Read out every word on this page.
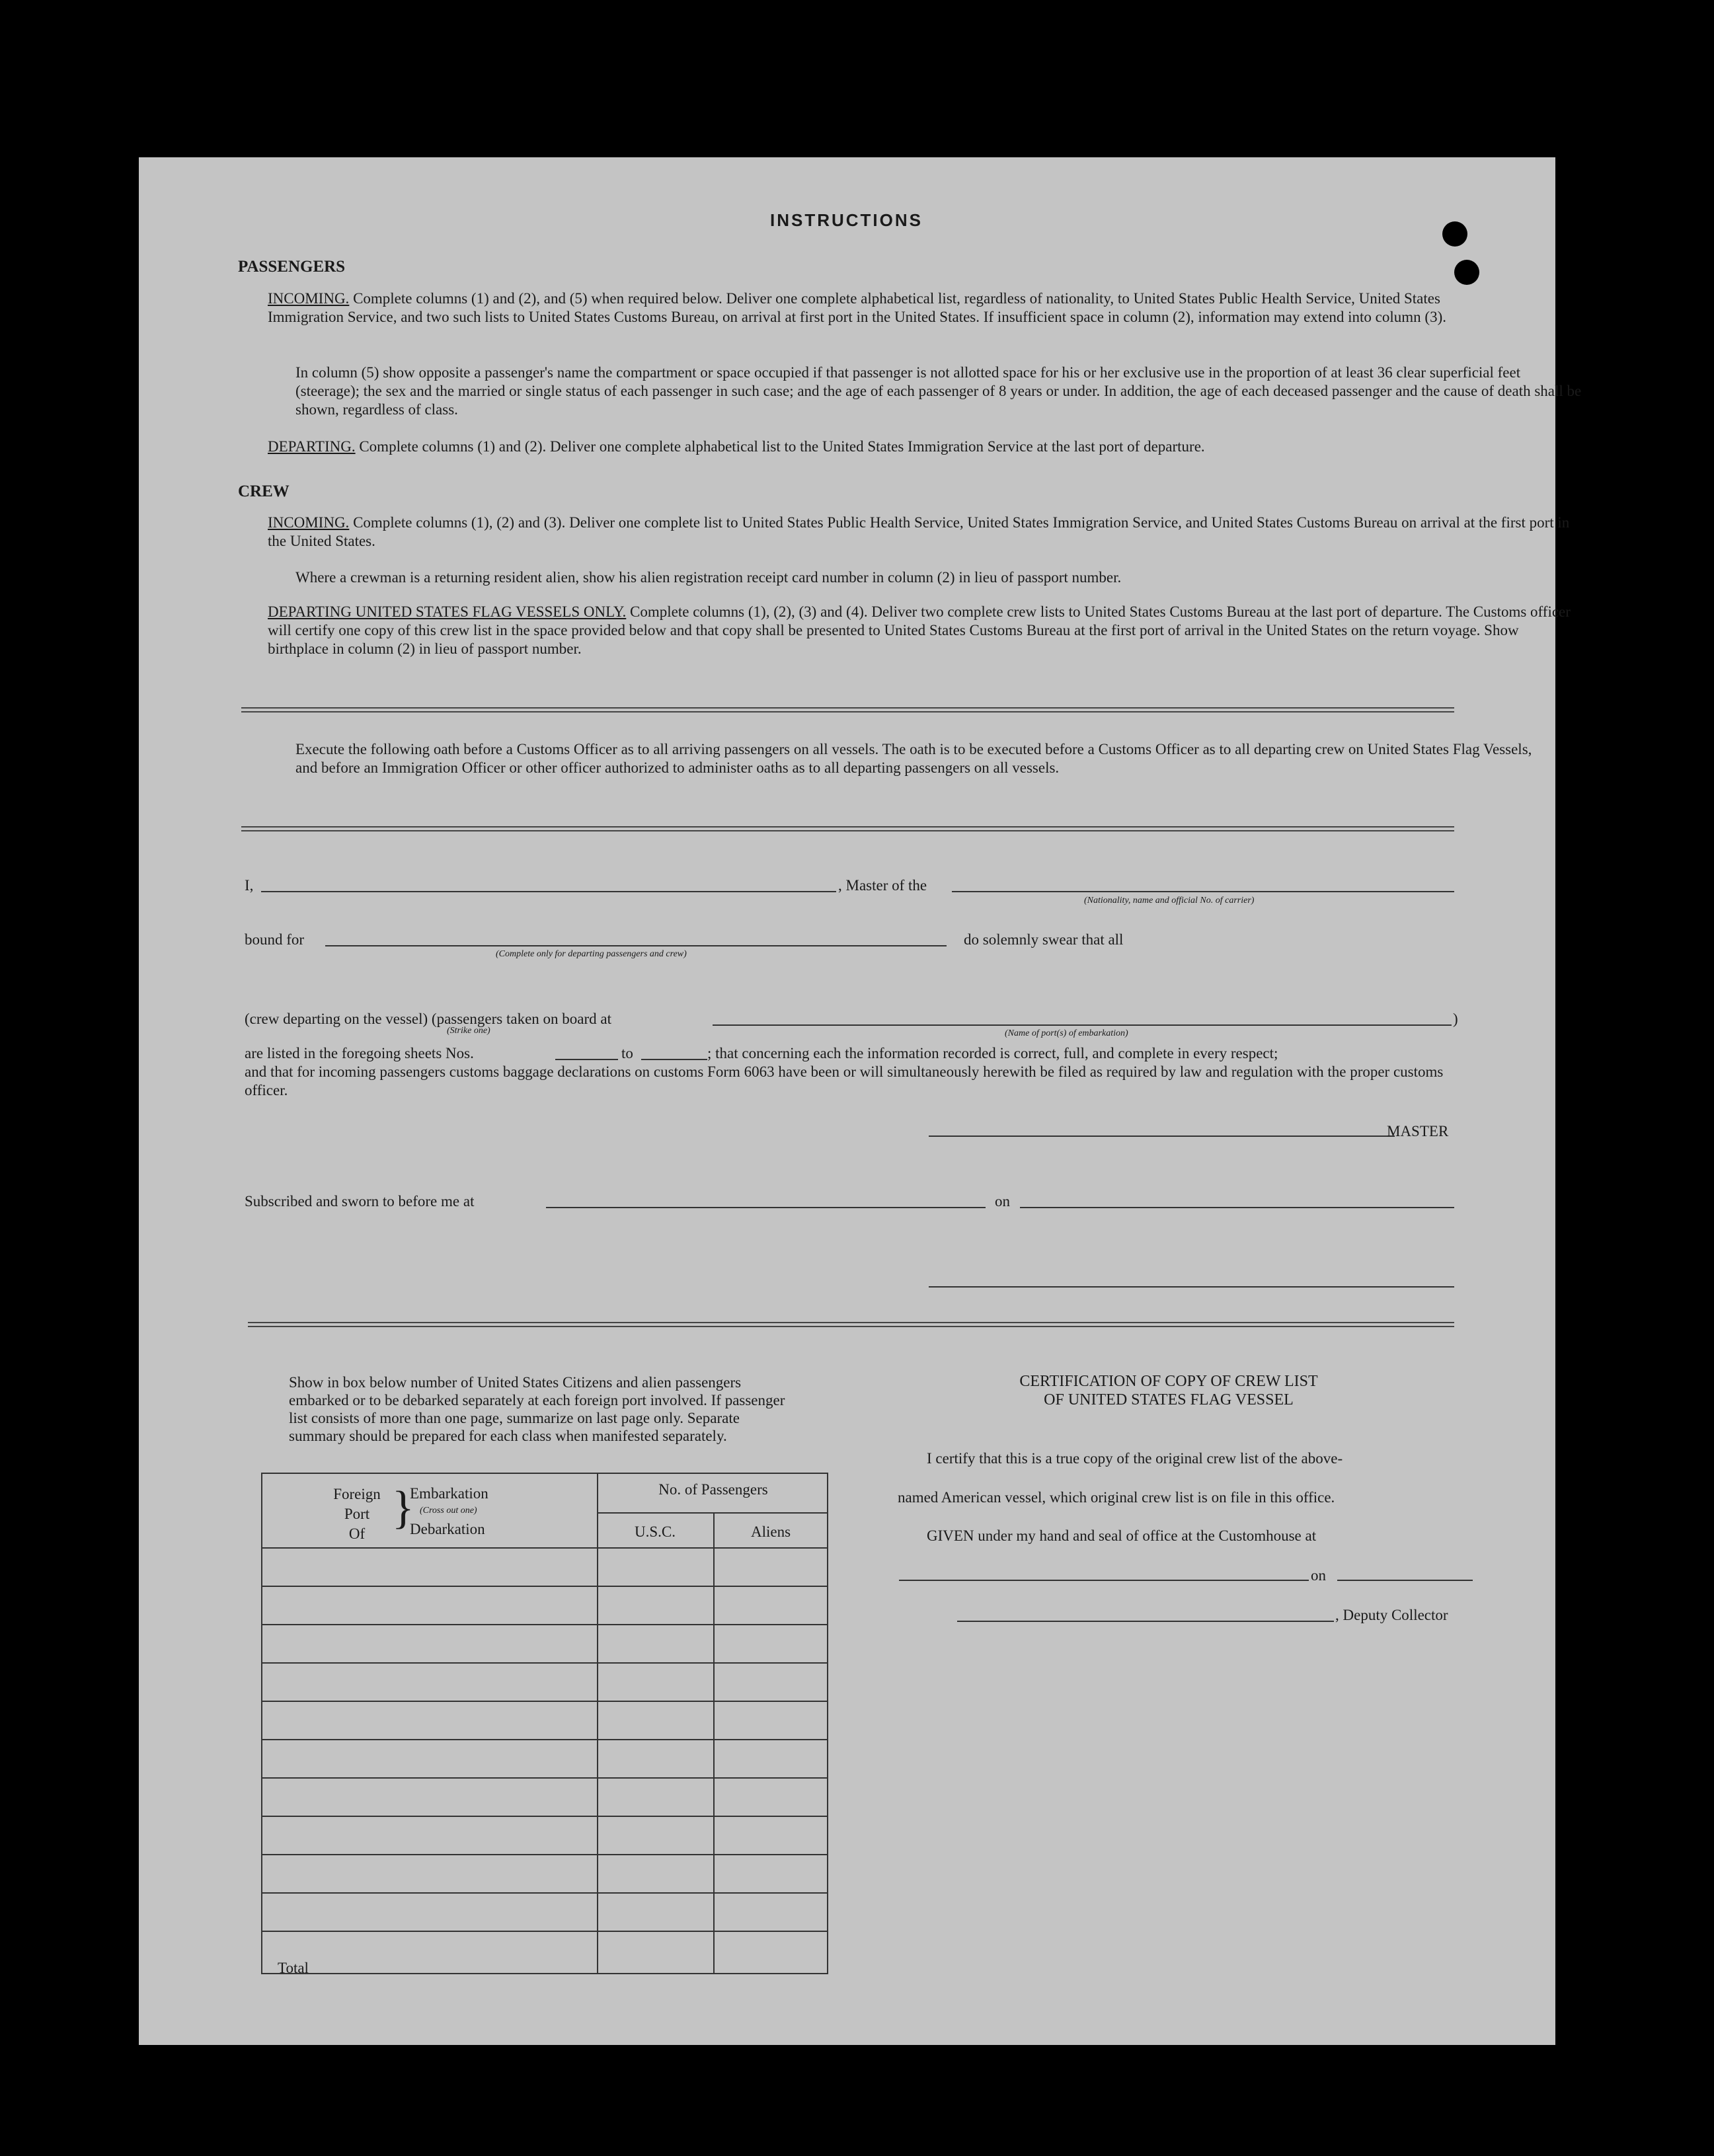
INSTRUCTIONS
PASSENGERS
INCOMING. Complete columns (1) and (2), and (5) when required below. Deliver one complete alphabetical list, regardless of nationality, to United States Public Health Service, United States Immigration Service, and two such lists to United States Customs Bureau, on arrival at first port in the United States. If insufficient space in column (2), information may extend into column (3).
In column (5) show opposite a passenger's name the compartment or space occupied if that passenger is not allotted space for his or her exclusive use in the proportion of at least 36 clear superficial feet (steerage); the sex and the married or single status of each passenger in such case; and the age of each passenger of 8 years or under. In addition, the age of each deceased passenger and the cause of death shall be shown, regardless of class.
DEPARTING. Complete columns (1) and (2). Deliver one complete alphabetical list to the United States Immigration Service at the last port of departure.
CREW
INCOMING. Complete columns (1), (2) and (3). Deliver one complete list to United States Public Health Service, United States Immigration Service, and United States Customs Bureau on arrival at the first port in the United States.
Where a crewman is a returning resident alien, show his alien registration receipt card number in column (2) in lieu of passport number.
DEPARTING UNITED STATES FLAG VESSELS ONLY. Complete columns (1), (2), (3) and (4). Deliver two complete crew lists to United States Customs Bureau at the last port of departure. The Customs officer will certify one copy of this crew list in the space provided below and that copy shall be presented to United States Customs Bureau at the first port of arrival in the United States on the return voyage. Show birthplace in column (2) in lieu of passport number.
Execute the following oath before a Customs Officer as to all arriving passengers on all vessels. The oath is to be executed before a Customs Officer as to all departing crew on United States Flag Vessels, and before an Immigration Officer or other officer authorized to administer oaths as to all departing passengers on all vessels.
I,	, Master of the
(Nationality, name and official No. of carrier)
bound for
(Complete only for departing passengers and crew)
do solemnly swear that all
(crew departing on the vessel) (passengers taken on board at
(Strike one)
)
(Name of port(s) of embarkation)
are listed in the foregoing sheets Nos.	to	; that concerning each the information recorded is correct, full, and complete in every respect;
and that for incoming passengers customs baggage declarations on customs Form 6063 have been or will simultaneously herewith be filed as required by law and regulation with the proper customs officer.
MASTER
Subscribed and sworn to before me at	on
Show in box below number of United States Citizens and alien passengers embarked or to be debarked separately at each foreign port involved. If passenger list consists of more than one page, summarize on last page only. Separate summary should be prepared for each class when manifested separately.
Foreign
Port
Of
}
Embarkation
(Cross out one)
Debarkation
	No. of Passengers

U.S.C.	Aliens
Total
CERTIFICATION OF COPY OF CREW LIST
OF UNITED STATES FLAG VESSEL
I certify that this is a true copy of the original crew list of the above-
named American vessel, which original crew list is on file in this office.
GIVEN under my hand and seal of office at the Customhouse at
on
, Deputy Collector
